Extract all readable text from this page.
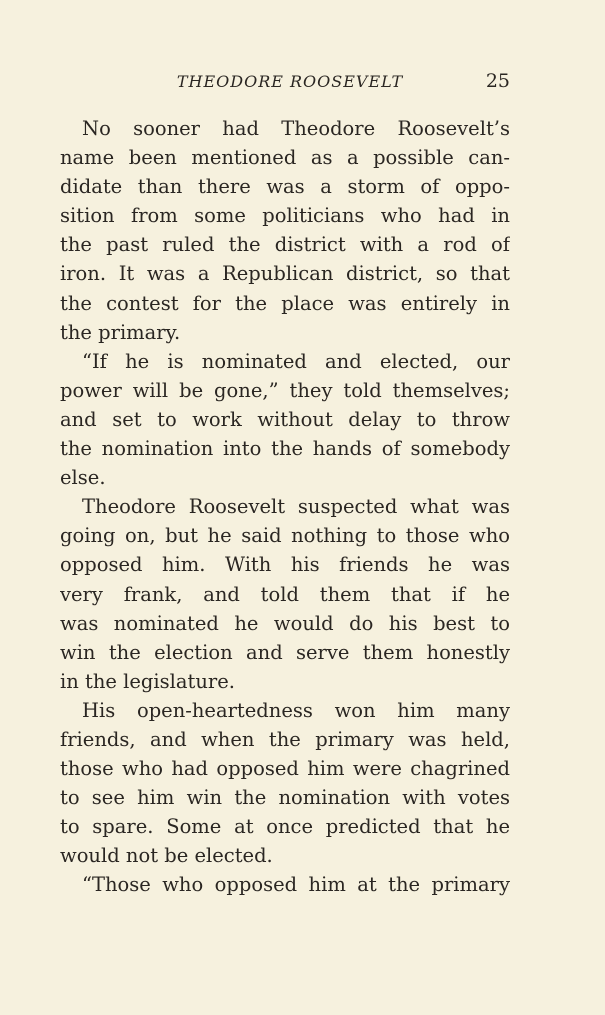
THEODORE ROOSEVELT	25
No sooner had Theodore Roosevelt’s
name been mentioned as a possible can-
didate than there was a storm of oppo-
sition from some politicians who had in
the past ruled the district with a rod of
iron. It was a Republican district, so that
the contest for the place was entirely in
the primary.
“If he is nominated and elected, our
power will be gone,” they told themselves;
and set to work without delay to throw
the nomination into the hands of somebody
else.
Theodore Roosevelt suspected what was
going on, but he said nothing to those who
opposed him. With his friends he was
very frank, and told them that if he
was nominated he would do his best to
win the election and serve them honestly
in the legislature.
His open-heartedness won him many
friends, and when the primary was held,
those who had opposed him were chagrined
to see him win the nomination with votes
to spare. Some at once predicted that he
would not be elected.
“Those who opposed him at the primary
